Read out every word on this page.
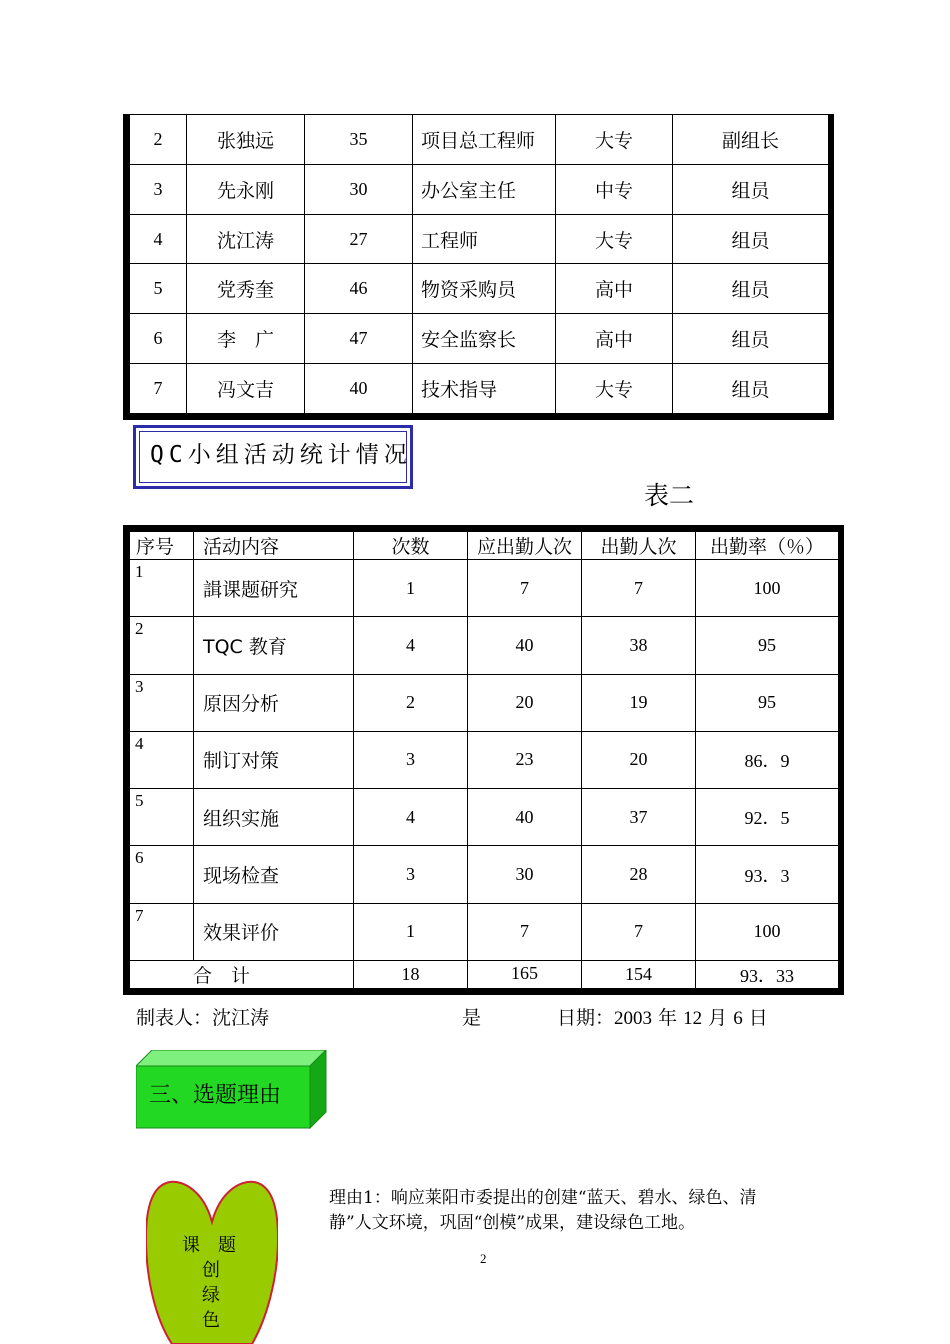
2	张独远	35	项目总工程师	大专	副组长
3	先永刚	30	办公室主任	中专	组员
4	沈江涛	27	工程师	大专	组员
5	党秀奎	46	物资采购员	高中	组员
6	李　广	47	安全监察长	高中	组员
7	冯文吉	40	技术指导	大专	组员
QC小组活动统计情况
表二
序号	活动内容	次数	应出勤人次	出勤人次	出勤率（％）
1	諿课题研究	1	7	7	100
2	TQC 教育	4	40	38	95
3	原因分析	2	20	19	95
4	制订对策	3	23	20	86．9
5	组织实施	4	40	37	92．5
6	现场检查	3	30	28	93．3
7	效果评价	1	7	7	100
合　计		18	165	154	93．33
制表人：沈江涛	是	日期：2003 年 12 月 6 日
三、选题理由
课　题
创
绿
色
理由1：响应莱阳市委提出的创建“蓝天、碧水、绿色、清静”人文环境，巩固“创模”成果，建设绿色工地。
2
